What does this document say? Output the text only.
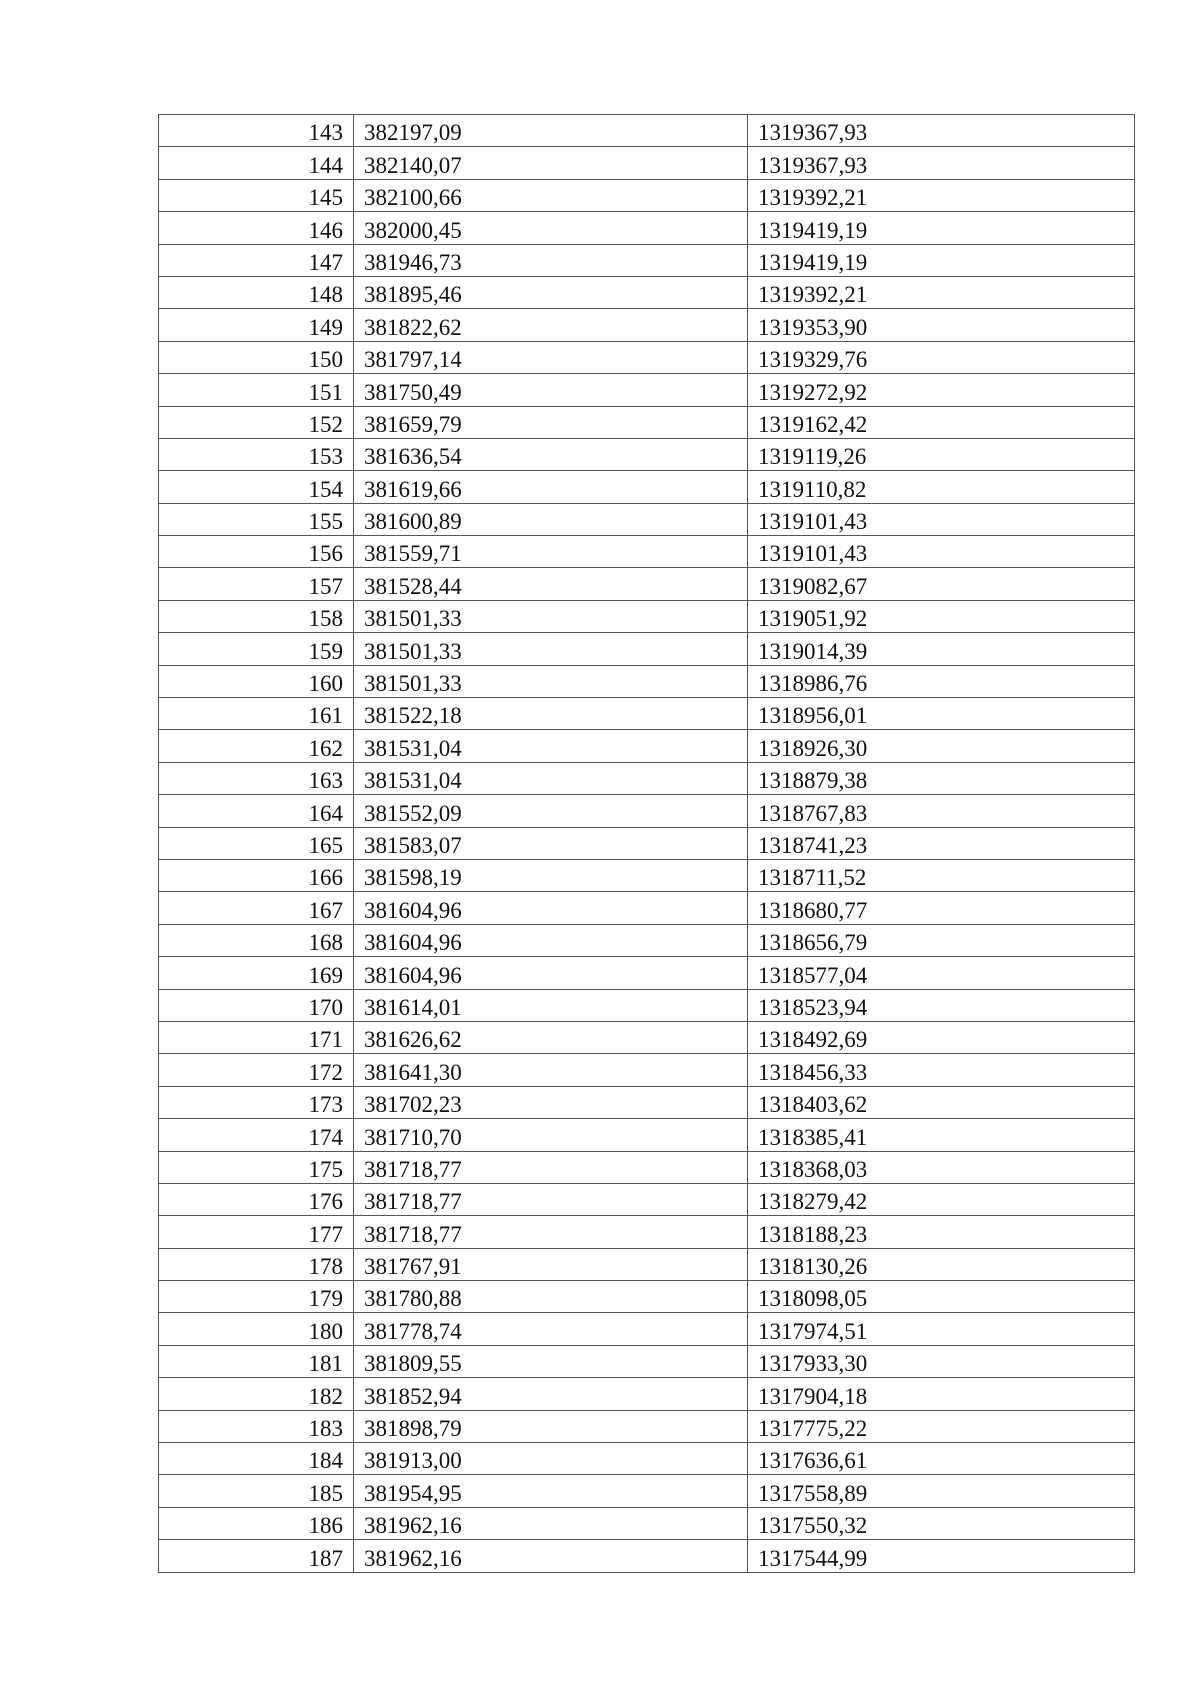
143	382197,09	1319367,93

144	382140,07	1319367,93

145	382100,66	1319392,21

146	382000,45	1319419,19

147	381946,73	1319419,19

148	381895,46	1319392,21

149	381822,62	1319353,90

150	381797,14	1319329,76

151	381750,49	1319272,92

152	381659,79	1319162,42

153	381636,54	1319119,26

154	381619,66	1319110,82

155	381600,89	1319101,43

156	381559,71	1319101,43

157	381528,44	1319082,67

158	381501,33	1319051,92

159	381501,33	1319014,39

160	381501,33	1318986,76

161	381522,18	1318956,01

162	381531,04	1318926,30

163	381531,04	1318879,38

164	381552,09	1318767,83

165	381583,07	1318741,23

166	381598,19	1318711,52

167	381604,96	1318680,77

168	381604,96	1318656,79

169	381604,96	1318577,04

170	381614,01	1318523,94

171	381626,62	1318492,69

172	381641,30	1318456,33

173	381702,23	1318403,62

174	381710,70	1318385,41

175	381718,77	1318368,03

176	381718,77	1318279,42

177	381718,77	1318188,23

178	381767,91	1318130,26

179	381780,88	1318098,05

180	381778,74	1317974,51

181	381809,55	1317933,30

182	381852,94	1317904,18

183	381898,79	1317775,22

184	381913,00	1317636,61

185	381954,95	1317558,89

186	381962,16	1317550,32

187	381962,16	1317544,99
